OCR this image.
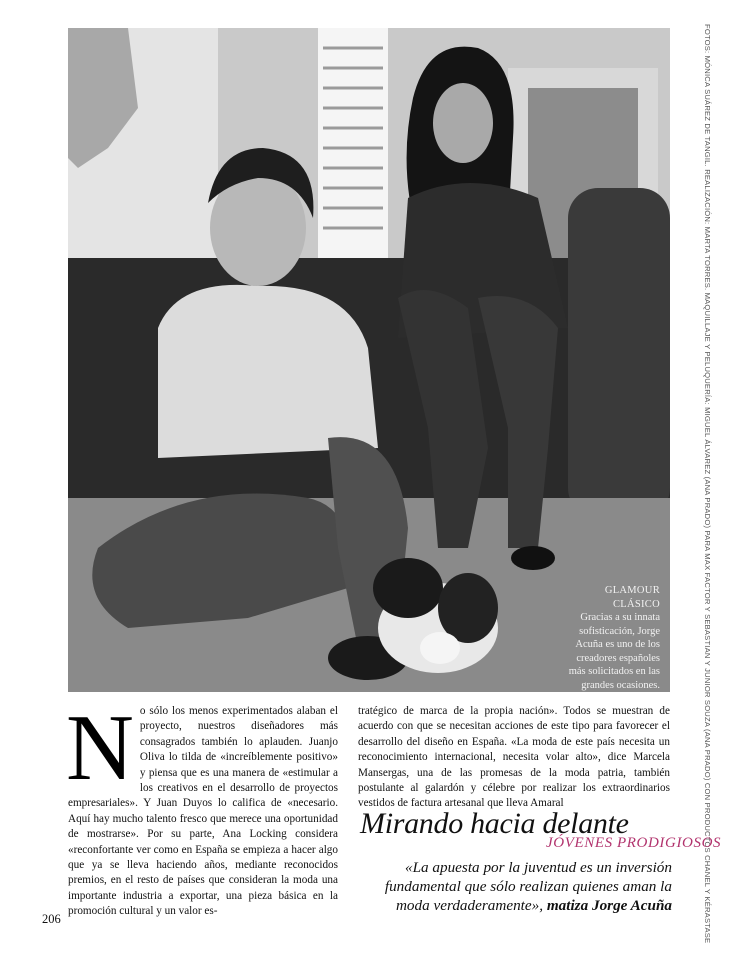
GLAMOUR
CLÁSICO
Gracias a su innata
sofisticación, Jorge
Acuña es uno de los
creadores españoles
más solicitados en las
grandes ocasiones.	FOTOS: MÓNICA SUÁREZ DE TANGIL. REALIZACIÓN: MARTA TORRES. MAQUILLAJE Y PELUQUERÍA: MIGUEL ÁLVAREZ (ANA PRADO) PARA MAX FACTOR Y SEBASTIAN Y JUNIOR SOUZA (ANA PRADO) CON PRODUCTOS CHANEL Y KÉRASTASE
N o sólo los menos experimentados alaban el proyecto, nuestros diseñadores más consagrados también lo aplauden. Juanjo Oliva lo tilda de «increíblemente positivo» y piensa que es una manera de «estimular a los creativos en el desarrollo de proyectos empresariales». Y Juan Duyos lo califica de «necesario. Aquí hay mucho talento fresco que merece una oportunidad de mostrarse». Por su parte, Ana Locking considera «reconfortante ver como en España se empieza a hacer algo que ya se lleva haciendo años, mediante reconocidos premios, en el resto de países que consideran la moda una importante industria a exportar, una pieza básica en la promoción cultural y un valor es-

tratégico de marca de la propia nación». Todos se muestran de acuerdo con que se necesitan acciones de este tipo para favorecer el desarrollo del diseño en España. «La moda de este país necesita un reconocimiento internacional, necesita volar alto», dice Marcela Mansergas, una de las promesas de la moda patria, también postulante al galardón y célebre por realizar los extraordinarios vestidos de factura artesanal que lleva Amaral

Mirando hacia delante
JÓVENES PRODIGIOSOS
«La apuesta por la juventud es un inversión fundamental que sólo realizan quienes aman la moda verdaderamente», matiza Jorge Acuña
206
